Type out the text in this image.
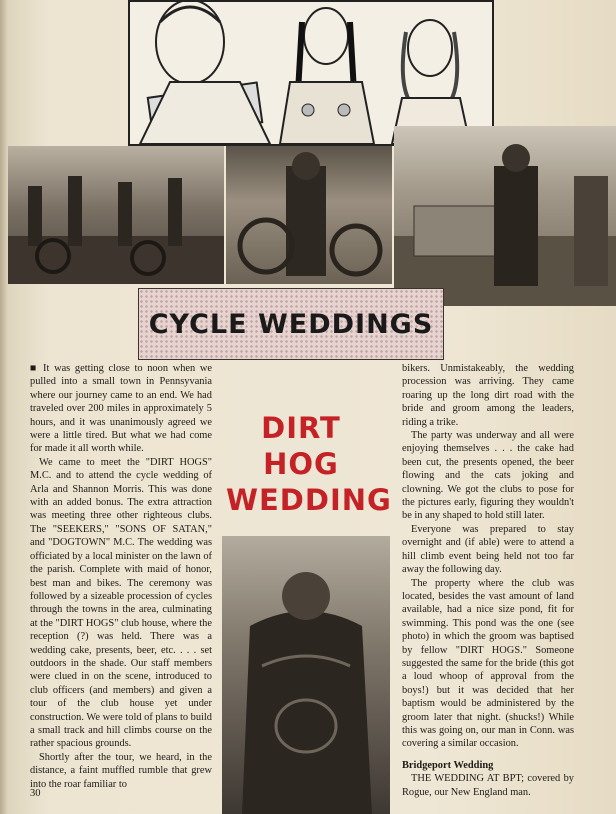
CYCLE WEDDINGS

■ It was getting close to noon when we pulled into a small town in Pennsyvania where our journey came to an end. We had traveled over 200 miles in approximately 5 hours, and it was unanimously agreed we were a little tired. But what we had come for made it all worth while.

We came to meet the "DIRT HOGS" M.C. and to attend the cycle wedding of Arla and Shannon Morris. This was done with an added bonus. The extra attraction was meeting three other righteous clubs. The "SEEKERS," "SONS OF SATAN," and "DOGTOWN" M.C. The wedding was officiated by a local minister on the lawn of the parish. Complete with maid of honor, best man and bikes. The ceremony was followed by a sizeable procession of cycles through the towns in the area, culminating at the "DIRT HOGS" club house, where the reception (?) was held. There was a wedding cake, presents, beer, etc. . . . set outdoors in the shade. Our staff members were clued in on the scene, introduced to club officers (and members) and given a tour of the club house yet under construction. We were told of plans to build a small track and hill climbs course on the rather spacious grounds.

Shortly after the tour, we heard, in the distance, a faint muffled rumble that grew into the roar familiar to

DIRT
HOG
WEDDING

bikers. Unmistakeably, the wedding procession was arriving. They came roaring up the long dirt road with the bride and groom among the leaders, riding a trike.

The party was underway and all were enjoying themselves . . . the cake had been cut, the presents opened, the beer flowing and the cats joking and clowning. We got the clubs to pose for the pictures early, figuring they wouldn't be in any shaped to hold still later.

Everyone was prepared to stay overnight and (if able) were to attend a hill climb event being held not too far away the following day.

The property where the club was located, besides the vast amount of land available, had a nice size pond, fit for swimming. This pond was the one (see photo) in which the groom was baptised by fellow "DIRT HOGS." Someone suggested the same for the bride (this got a loud whoop of approval from the boys!) but it was decided that her baptism would be administered by the groom later that night. (shucks!) While this was going on, our man in Conn. was covering a similar occasion.

Bridgeport Wedding

THE WEDDING AT BPT; covered by Rogue, our New England man.

30
